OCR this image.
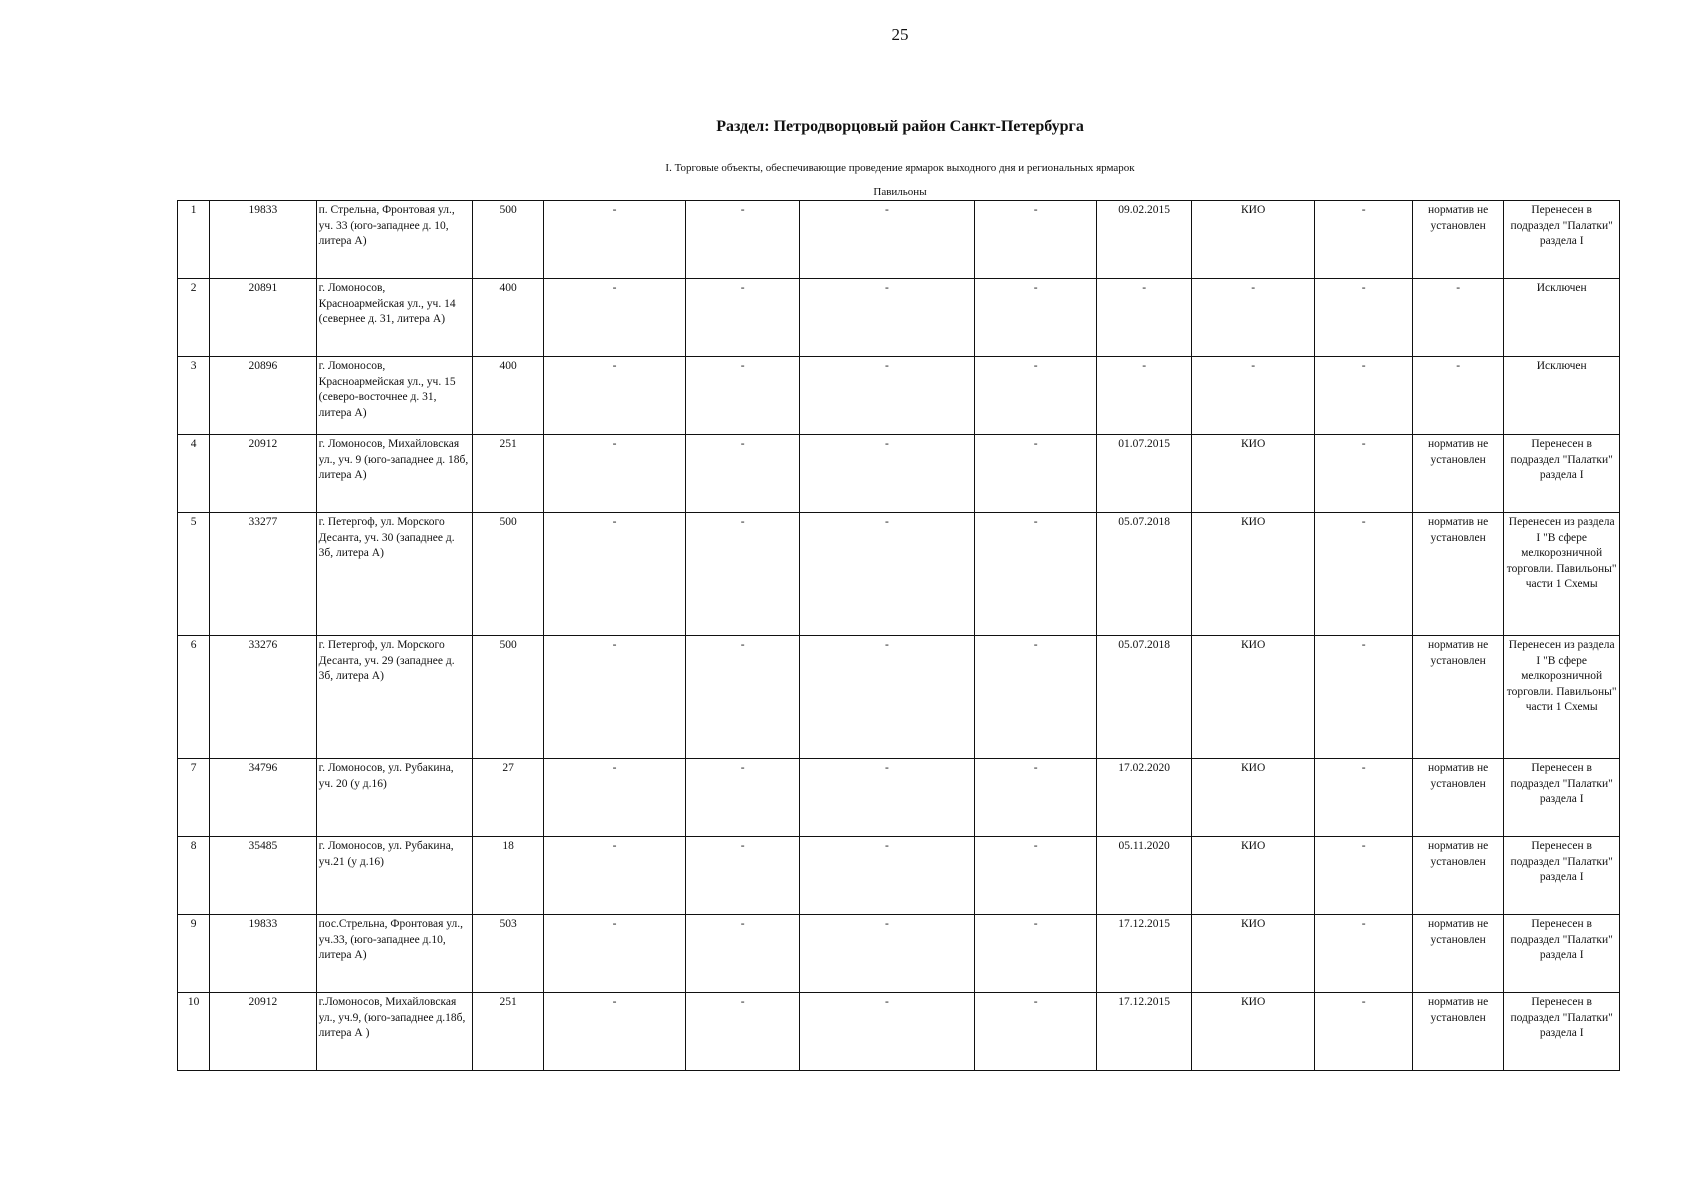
25
Раздел: Петродворцовый район Санкт-Петербурга
I. Торговые объекты, обеспечивающие проведение ярмарок выходного дня и региональных ярмарок
Павильоны
1	19833	п. Стрельна, Фронтовая ул., уч. 33 (юго-западнее д. 10, литера А)	500	-	-	-	-	09.02.2015	КИО	-	норматив не установлен	Перенесен в подраздел "Палатки" раздела I
2	20891	г. Ломоносов, Красноармейская ул., уч. 14 (севернее д. 31, литера А)	400	-	-	-	-	-	-	-	-	Исключен
3	20896	г. Ломоносов, Красноармейская ул., уч. 15 (северо-восточнее д. 31, литера А)	400	-	-	-	-	-	-	-	-	Исключен
4	20912	г. Ломоносов, Михайловская ул., уч. 9 (юго-западнее д. 18б, литера А)	251	-	-	-	-	01.07.2015	КИО	-	норматив не установлен	Перенесен в подраздел "Палатки" раздела I
5	33277	г. Петергоф, ул. Морского Десанта, уч. 30 (западнее д. 3б, литера А)	500	-	-	-	-	05.07.2018	КИО	-	норматив не установлен	Перенесен из раздела I "В сфере мелкорозничной торговли. Павильоны" части 1 Схемы
6	33276	г. Петергоф, ул. Морского Десанта, уч. 29 (западнее д. 3б, литера А)	500	-	-	-	-	05.07.2018	КИО	-	норматив не установлен	Перенесен из раздела I "В сфере мелкорозничной торговли. Павильоны" части 1 Схемы
7	34796	г. Ломоносов, ул. Рубакина, уч. 20 (у д.16)	27	-	-	-	-	17.02.2020	КИО	-	норматив не установлен	Перенесен в подраздел "Палатки" раздела I
8	35485	г. Ломоносов, ул. Рубакина, уч.21 (у д.16)	18	-	-	-	-	05.11.2020	КИО	-	норматив не установлен	Перенесен в подраздел "Палатки" раздела I
9	19833	пос.Стрельна, Фронтовая ул., уч.33, (юго-западнее д.10, литера А)	503	-	-	-	-	17.12.2015	КИО	-	норматив не установлен	Перенесен в подраздел "Палатки" раздела I
10	20912	г.Ломоносов, Михайловская ул., уч.9, (юго-западнее д.18б, литера А )	251	-	-	-	-	17.12.2015	КИО	-	норматив не установлен	Перенесен в подраздел "Палатки" раздела I
